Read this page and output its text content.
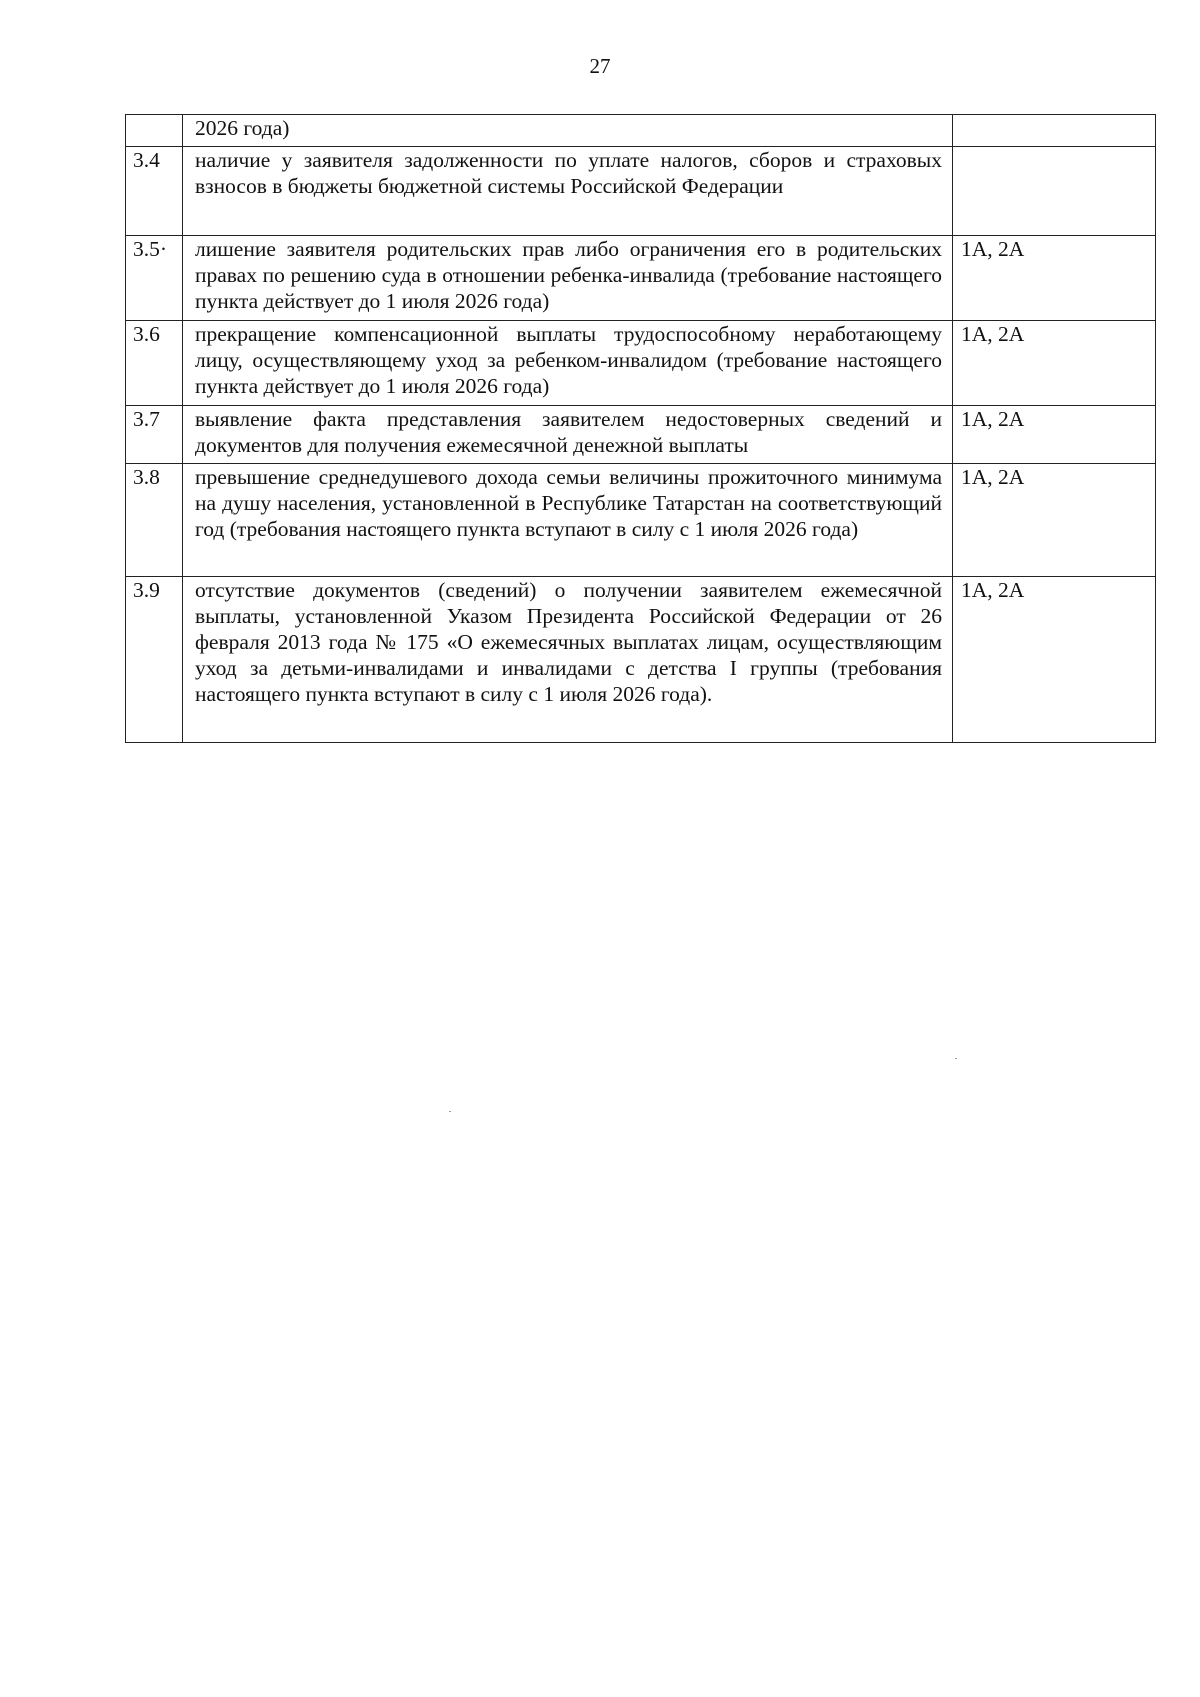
27
	2026 года)	
3.4	наличие у заявителя задолженности по уплате налогов, сборов и страховых взносов в бюджеты бюджетной системы Российской Федерации	
3.5·	лишение заявителя родительских прав либо ограничения его в родительских правах по решению суда в отношении ребенка-инвалида (требование настоящего пункта действует до 1 июля 2026 года)	1А, 2А
3.6	прекращение компенсационной выплаты трудоспособному неработающему лицу, осуществляющему уход за ребенком-инвалидом (требование настоящего пункта действует до 1 июля 2026 года)	1А, 2А
3.7	выявление факта представления заявителем недостоверных сведений и документов для получения ежемесячной денежной выплаты	1А, 2А
3.8	превышение среднедушевого дохода семьи величины прожиточного минимума на душу населения, установленной в Республике Татарстан на соответствующий год (требования настоящего пункта вступают в силу с 1 июля 2026 года)	1А, 2А
3.9	отсутствие документов (сведений) о получении заявителем ежемесячной выплаты, установленной Указом Президента Российской Федерации от 26 февраля 2013 года № 175 «О ежемесячных выплатах лицам, осуществляющим уход за детьми-инвалидами и инвалидами с детства I группы (требования настоящего пункта вступают в силу с 1 июля 2026 года).	1А, 2А
